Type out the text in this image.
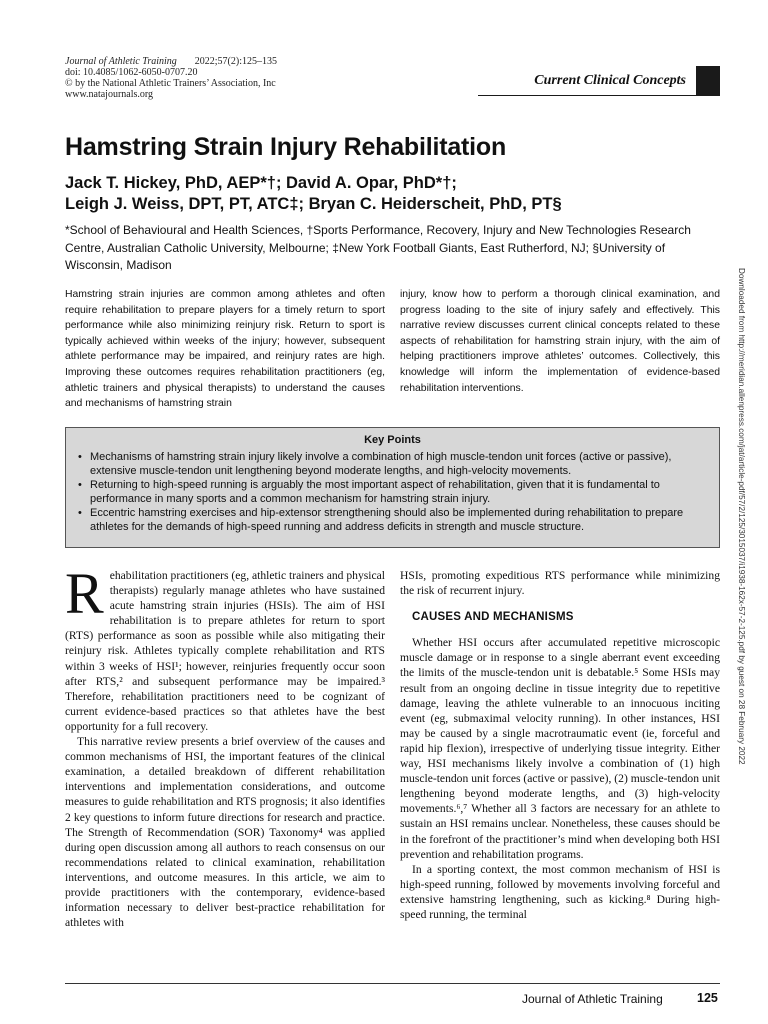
Journal of Athletic Training 2022;57(2):125–135
doi: 10.4085/1062-6050-0707.20
© by the National Athletic Trainers’ Association, Inc
www.natajournals.org
Current Clinical Concepts
Hamstring Strain Injury Rehabilitation
Jack T. Hickey, PhD, AEP*†; David A. Opar, PhD*†;
Leigh J. Weiss, DPT, PT, ATC‡; Bryan C. Heiderscheit, PhD, PT§
*School of Behavioural and Health Sciences, †Sports Performance, Recovery, Injury and New Technologies Research Centre, Australian Catholic University, Melbourne; ‡New York Football Giants, East Rutherford, NJ; §University of Wisconsin, Madison
Hamstring strain injuries are common among athletes and often require rehabilitation to prepare players for a timely return to sport performance while also minimizing reinjury risk. Return to sport is typically achieved within weeks of the injury; however, subsequent athlete performance may be impaired, and reinjury rates are high. Improving these outcomes requires rehabilitation practitioners (eg, athletic trainers and physical therapists) to understand the causes and mechanisms of hamstring strain
injury, know how to perform a thorough clinical examination, and progress loading to the site of injury safely and effectively. This narrative review discusses current clinical concepts related to these aspects of rehabilitation for hamstring strain injury, with the aim of helping practitioners improve athletes’ outcomes. Collectively, this knowledge will inform the implementation of evidence-based rehabilitation interventions.	Downloaded from http://meridian.allenpress.com/jat/article-pdf/57/2/125/3015037/i1938-162x-57-2-125.pdf by guest on 28 February 2022
Key Points
• Mechanisms of hamstring strain injury likely involve a combination of high muscle-tendon unit forces (active or passive), extensive muscle-tendon unit lengthening beyond moderate lengths, and high-velocity movements.
• Returning to high-speed running is arguably the most important aspect of rehabilitation, given that it is fundamental to performance in many sports and a common mechanism for hamstring strain injury.
• Eccentric hamstring exercises and hip-extensor strengthening should also be implemented during rehabilitation to prepare athletes for the demands of high-speed running and address deficits in strength and muscle structure.

Rehabilitation practitioners (eg, athletic trainers and physical therapists) regularly manage athletes who have sustained acute hamstring strain injuries (HSIs). The aim of HSI rehabilitation is to prepare athletes for return to sport (RTS) performance as soon as possible while also mitigating their reinjury risk. Athletes typically complete rehabilitation and RTS within 3 weeks of HSI¹; however, reinjuries frequently occur soon after RTS,² and subsequent performance may be impaired.³ Therefore, rehabilitation practitioners need to be cognizant of current evidence-based practices so that athletes have the best opportunity for a full recovery.

This narrative review presents a brief overview of the causes and common mechanisms of HSI, the important features of the clinical examination, a detailed breakdown of different rehabilitation interventions and implementation considerations, and outcome measures to guide rehabilitation and RTS prognosis; it also identifies 2 key questions to inform future directions for research and practice. The Strength of Recommendation (SOR) Taxonomy⁴ was applied during open discussion among all authors to reach consensus on our recommendations related to clinical examination, rehabilitation interventions, and outcome measures. In this article, we aim to provide practitioners with the contemporary, evidence-based information necessary to deliver best-practice rehabilitation for athletes with

HSIs, promoting expeditious RTS performance while minimizing the risk of recurrent injury.

CAUSES AND MECHANISMS

Whether HSI occurs after accumulated repetitive microscopic muscle damage or in response to a single aberrant event exceeding the limits of the muscle-tendon unit is debatable.⁵ Some HSIs may result from an ongoing decline in tissue integrity due to repetitive damage, leaving the athlete vulnerable to an innocuous inciting event (eg, submaximal velocity running). In other instances, HSI may be caused by a single macrotraumatic event (ie, forceful and rapid hip flexion), irrespective of underlying tissue integrity. Either way, HSI mechanisms likely involve a combination of (1) high muscle-tendon unit forces (active or passive), (2) muscle-tendon unit lengthening beyond moderate lengths, and (3) high-velocity movements.⁶,⁷ Whether all 3 factors are necessary for an athlete to sustain an HSI remains unclear. Nonetheless, these causes should be in the forefront of the practitioner’s mind when developing both HSI prevention and rehabilitation programs.

In a sporting context, the most common mechanism of HSI is high-speed running, followed by movements involving forceful and extensive hamstring lengthening, such as kicking.⁸ During high-speed running, the terminal

Journal of Athletic Training	125
